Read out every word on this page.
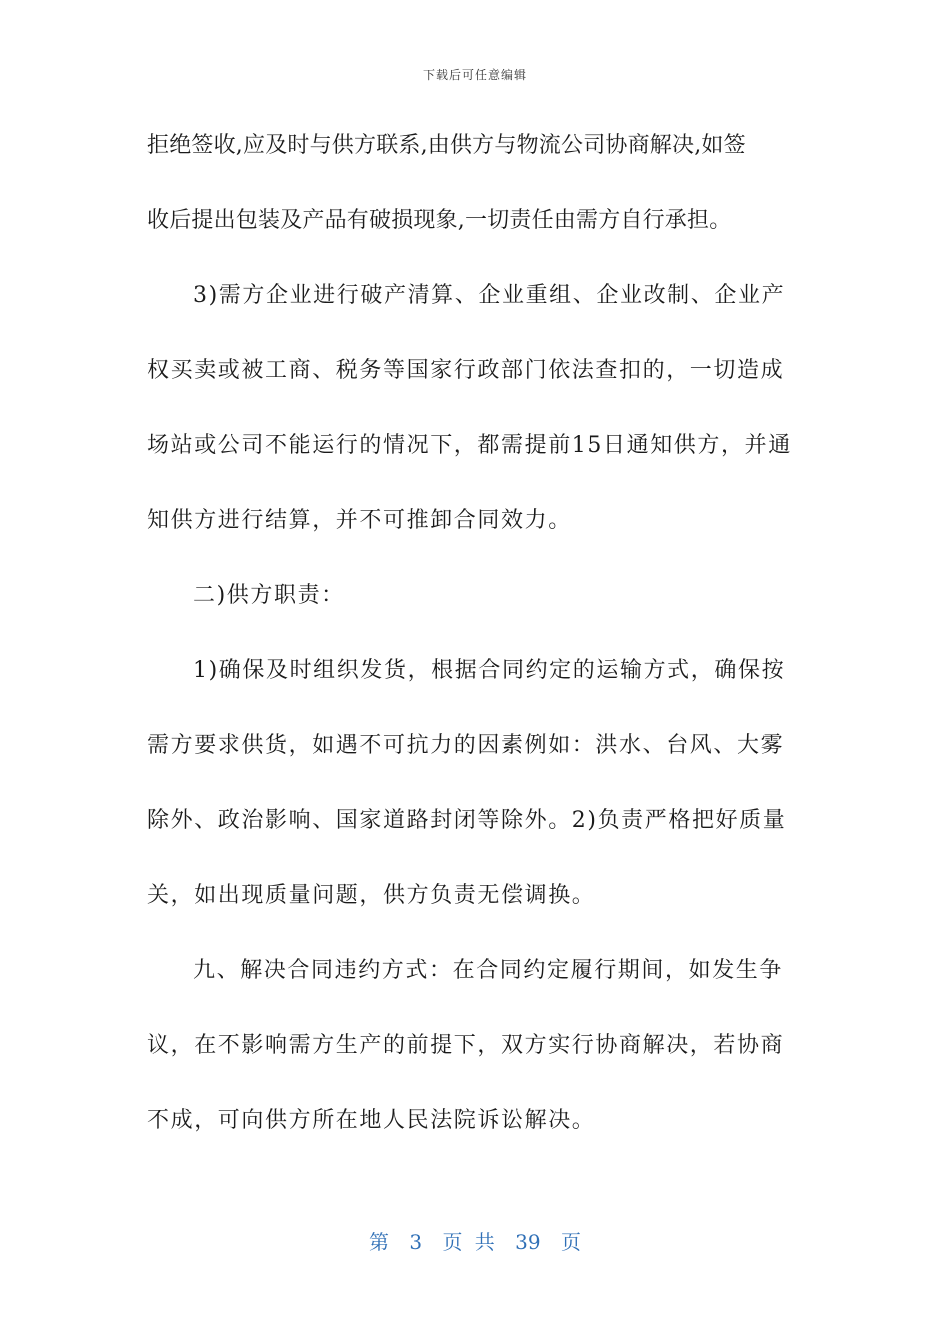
下载后可任意编辑
拒绝签收,应及时与供方联系,由供方与物流公司协商解决,如签
收后提出包装及产品有破损现象,一切责任由需方自行承担。
3)需方企业进行破产清算、企业重组、企业改制、企业产
权买卖或被工商、税务等国家行政部门依法查扣的，一切造成
场站或公司不能运行的情况下，都需提前15日通知供方，并通
知供方进行结算，并不可推卸合同效力。
二)供方职责：
1)确保及时组织发货，根据合同约定的运输方式，确保按
需方要求供货，如遇不可抗力的因素例如：洪水、台风、大雾
除外、政治影响、国家道路封闭等除外。2)负责严格把好质量
关，如出现质量问题，供方负责无偿调换。
九、解决合同违约方式：在合同约定履行期间，如发生争
议，在不影响需方生产的前提下，双方实行协商解决，若协商
不成，可向供方所在地人民法院诉讼解决。
第 3 页 共 39 页
